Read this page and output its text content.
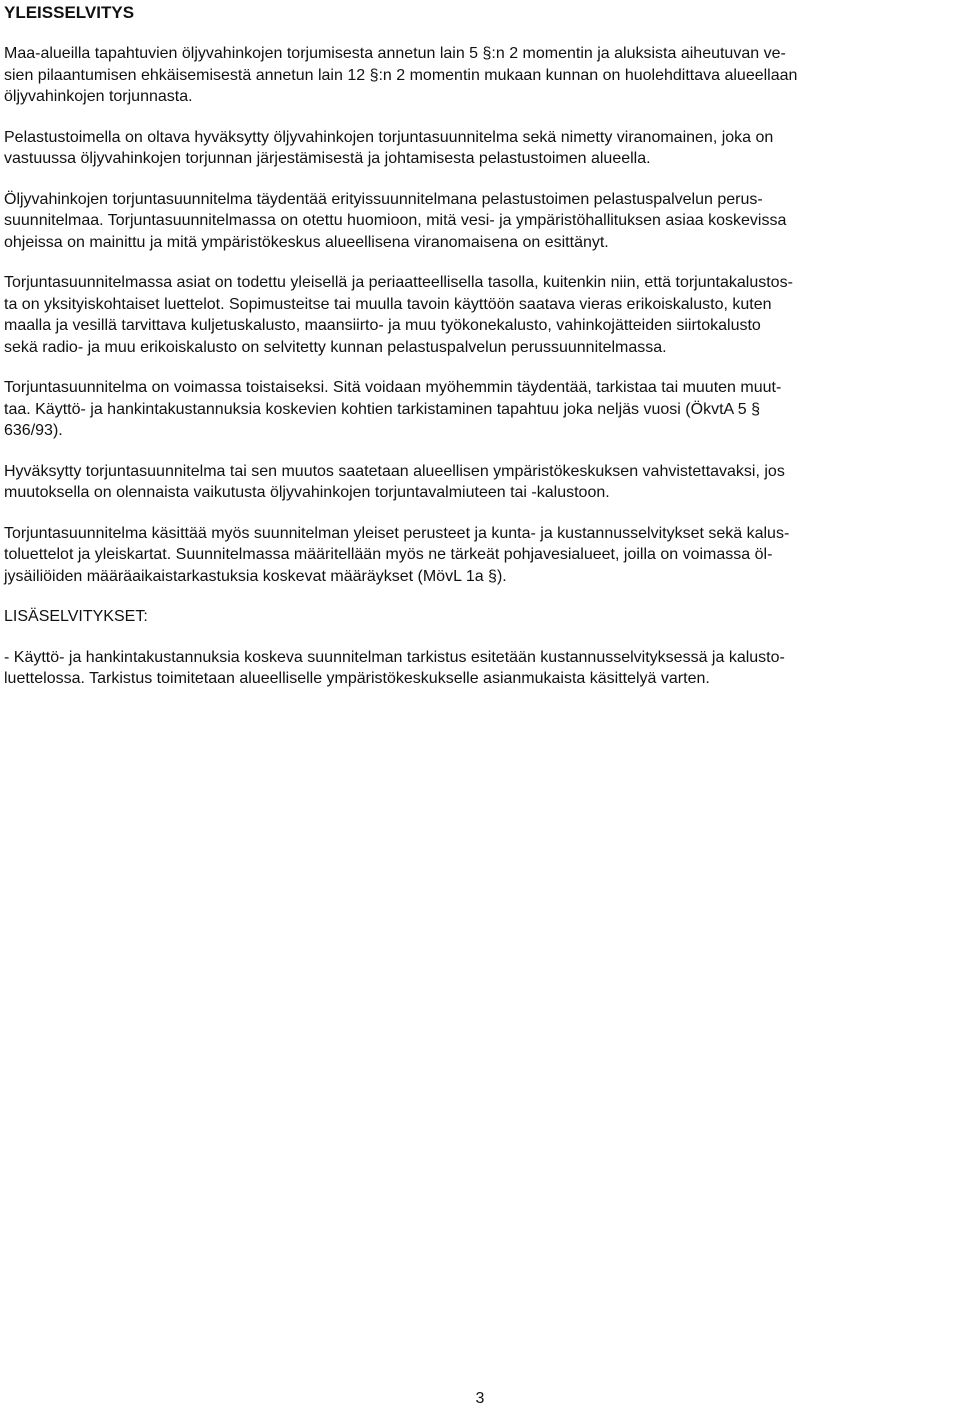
YLEISSELVITYS

Maa-alueilla tapahtuvien öljyvahinkojen torjumisesta annetun lain 5 §:n 2 momentin ja aluksista aiheutuvan ve-
sien pilaantumisen ehkäisemisestä annetun lain 12 §:n 2 momentin mukaan kunnan on huolehdittava alueellaan
öljyvahinkojen torjunnasta.

Pelastustoimella on oltava hyväksytty öljyvahinkojen torjuntasuunnitelma sekä nimetty viranomainen, joka on
vastuussa öljyvahinkojen torjunnan järjestämisestä ja johtamisesta pelastustoimen alueella.

Öljyvahinkojen torjuntasuunnitelma täydentää erityissuunnitelmana pelastustoimen pelastuspalvelun perus-
suunnitelmaa. Torjuntasuunnitelmassa on otettu huomioon, mitä vesi- ja ympäristöhallituksen asiaa koskevissa
ohjeissa on mainittu ja mitä ympäristökeskus alueellisena viranomaisena on esittänyt.

Torjuntasuunnitelmassa asiat on todettu yleisellä ja periaatteellisella tasolla, kuitenkin niin, että torjuntakalustos-
ta on yksityiskohtaiset luettelot. Sopimusteitse tai muulla tavoin käyttöön saatava vieras erikoiskalusto, kuten
maalla ja vesillä tarvittava kuljetuskalusto, maansiirto- ja muu työkonekalusto, vahinkojätteiden siirtokalusto
sekä radio- ja muu erikoiskalusto on selvitetty kunnan pelastuspalvelun perussuunnitelmassa.

Torjuntasuunnitelma on voimassa toistaiseksi. Sitä voidaan myöhemmin täydentää, tarkistaa tai muuten muut-
taa. Käyttö- ja hankintakustannuksia koskevien kohtien tarkistaminen tapahtuu joka neljäs vuosi (ÖkvtA 5 §
636/93).

Hyväksytty torjuntasuunnitelma tai sen muutos saatetaan alueellisen ympäristökeskuksen vahvistettavaksi, jos
muutoksella on olennaista vaikutusta öljyvahinkojen torjuntavalmiuteen tai -kalustoon.

Torjuntasuunnitelma käsittää myös suunnitelman yleiset perusteet ja kunta- ja kustannusselvitykset sekä kalus-
toluettelot ja yleiskartat. Suunnitelmassa määritellään myös ne tärkeät pohjavesialueet, joilla on voimassa öl-
jysäiliöiden määräaikaistarkastuksia koskevat määräykset (MövL 1a §).

LISÄSELVITYKSET:

- Käyttö- ja hankintakustannuksia koskeva suunnitelman tarkistus esitetään kustannusselvityksessä ja kalusto-
luettelossa. Tarkistus toimitetaan alueelliselle ympäristökeskukselle asianmukaista käsittelyä varten.

3
